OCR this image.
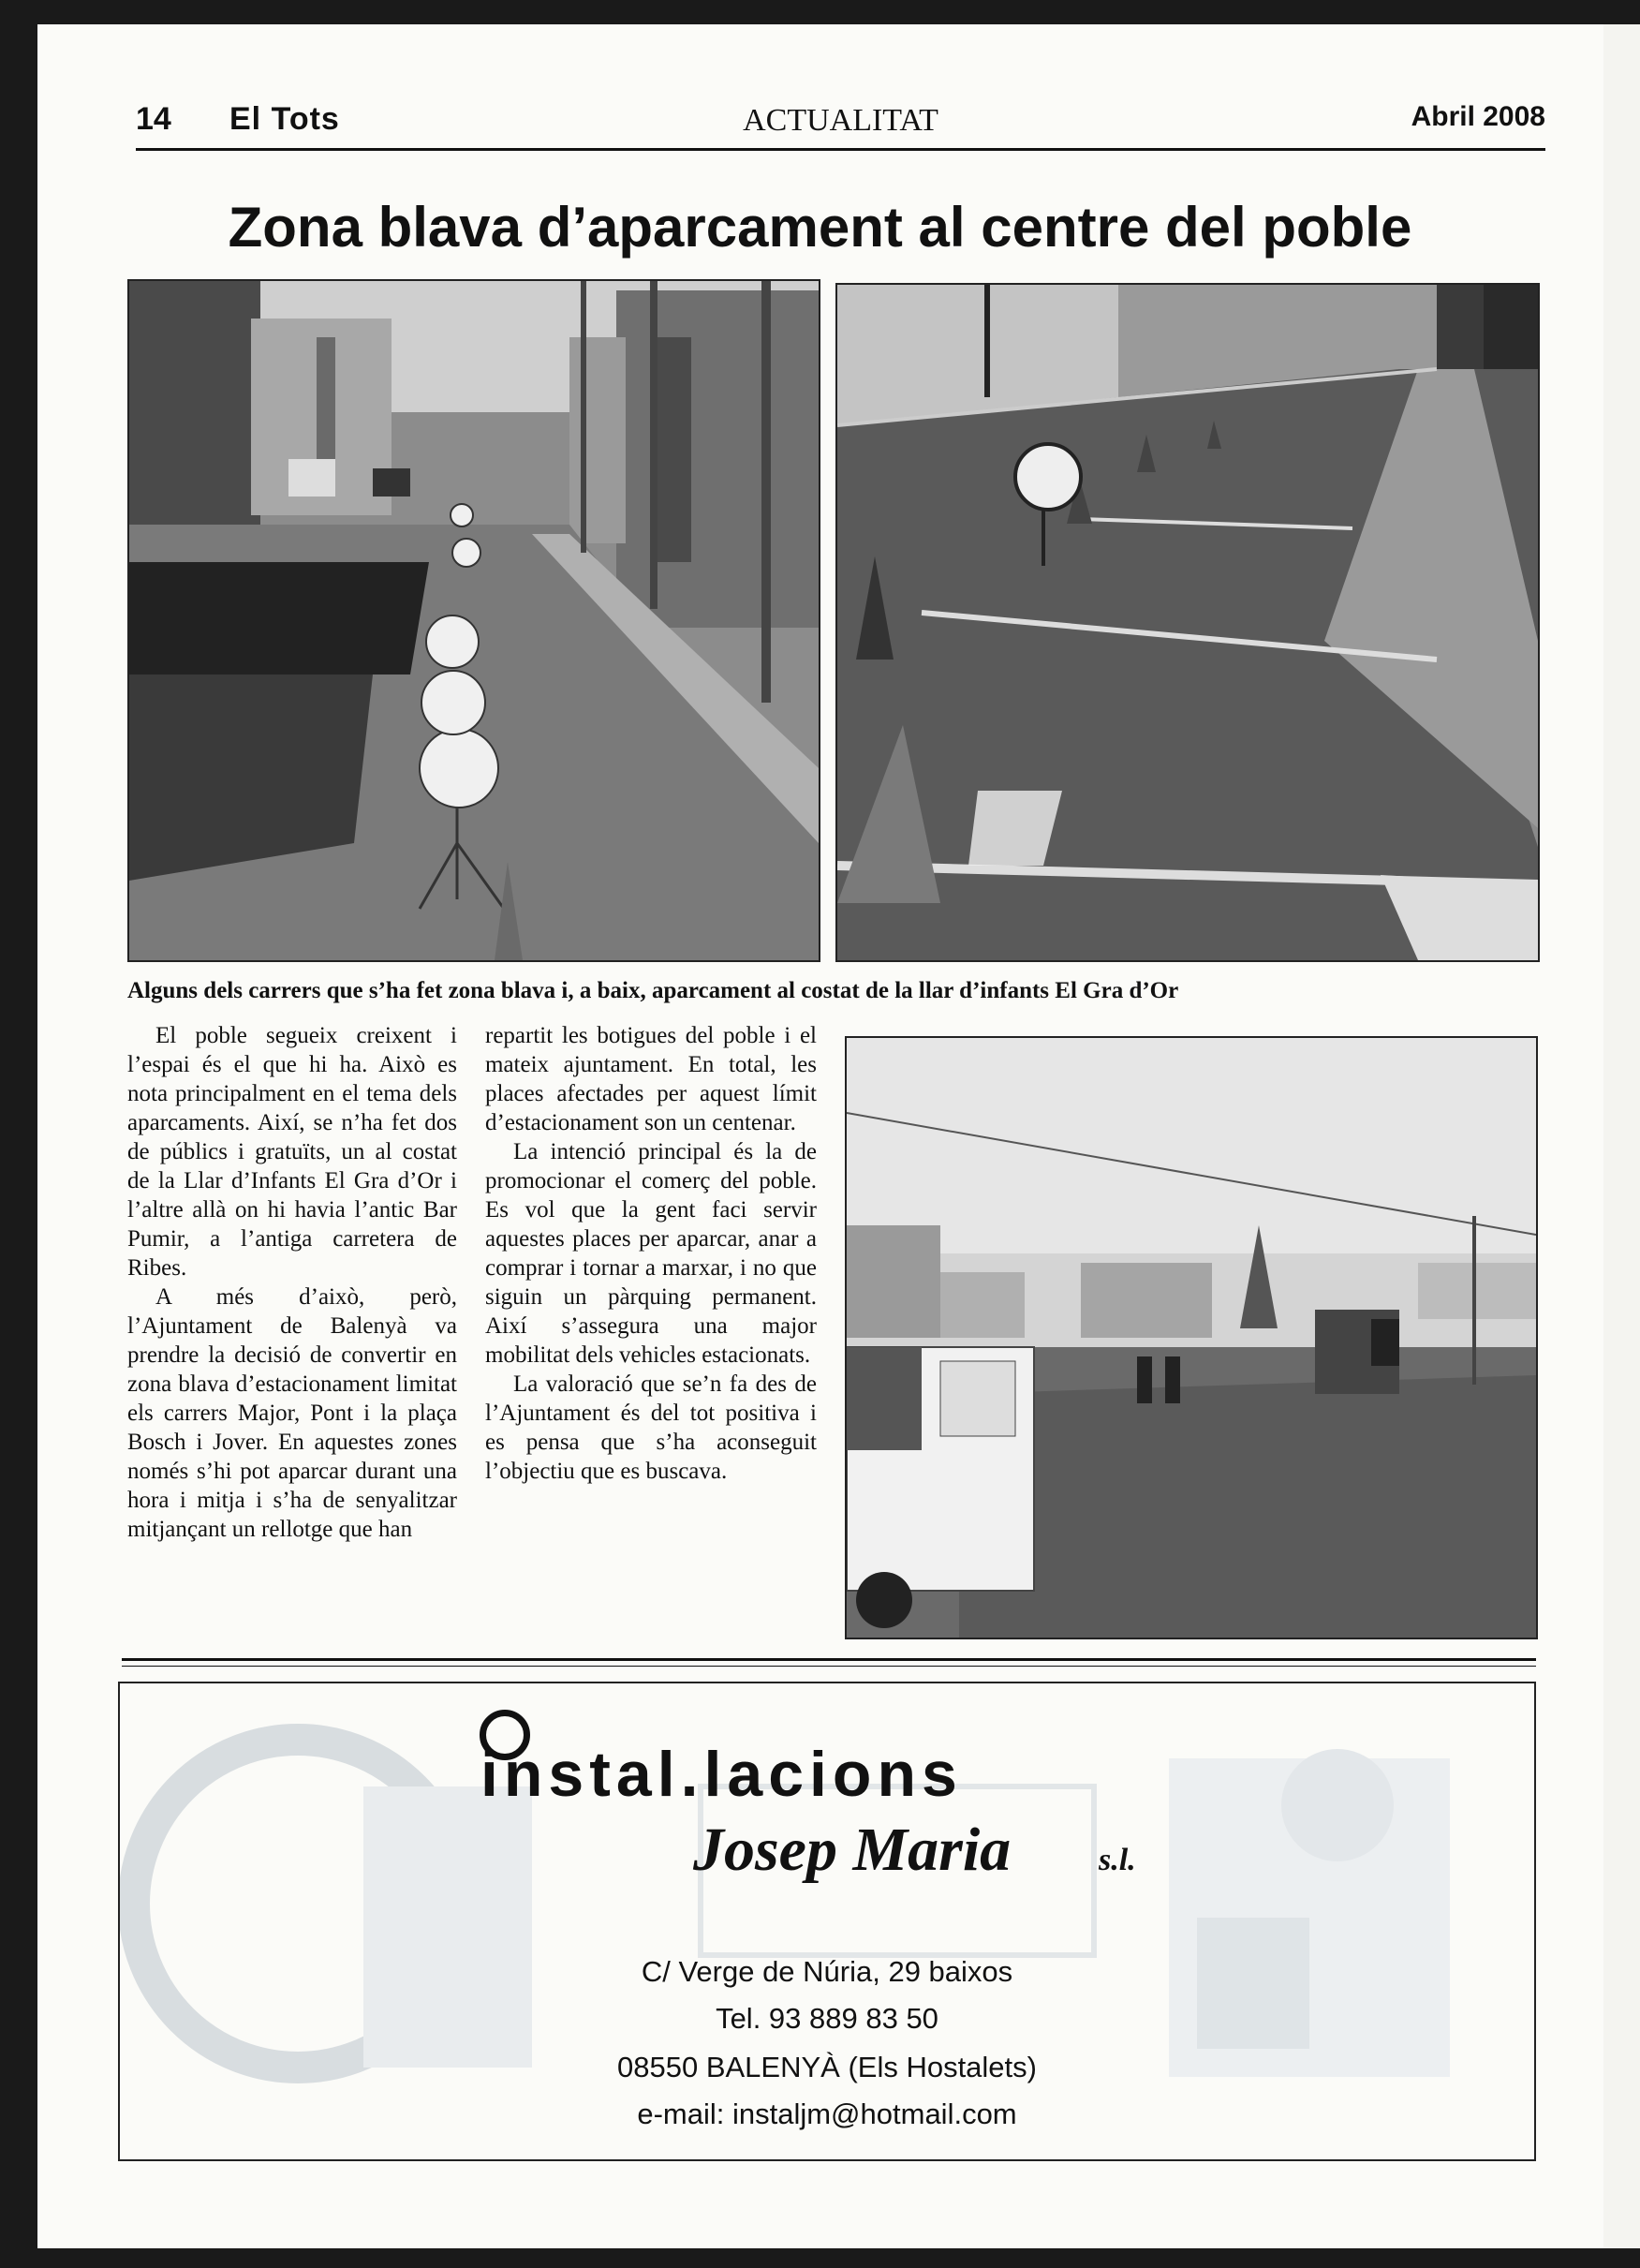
14 El Tots	ACTUALITAT	Abril 2008
Zona blava d’aparcament al centre del poble
Alguns dels carrers que s’ha fet zona blava i, a baix, aparcament al costat de la llar d’infants El Gra d’Or

El poble segueix creixent i l’espai és el que hi ha. Això es nota principalment en el tema dels aparcaments. Així, se n’ha fet dos de públics i gratuïts, un al costat de la Llar d’Infants El Gra d’Or i l’altre allà on hi havia l’antic Bar Pumir, a l’antiga carretera de Ribes.

A més d’això, però, l’Ajuntament de Balenyà va prendre la decisió de convertir en zona blava d’estacionament limitat els carrers Major, Pont i la plaça Bosch i Jover. En aquestes zones només s’hi pot aparcar durant una hora i mitja i s’ha de senyalitzar mitjançant un rellotge que han

repartit les botigues del poble i el mateix ajuntament. En total, les places afectades per aquest límit d’estacionament son un centenar.

La intenció principal és la de promocionar el comerç del poble. Es vol que la gent faci servir aquestes places per aparcar, anar a comprar i tornar a marxar, i no que siguin un pàrquing permanent. Així s’assegura una major mobilitat dels vehicles estacionats.

La valoració que se’n fa des de l’Ajuntament és del tot positiva i es pensa que s’ha aconseguit l’objectiu que es buscava.

instal.lacions
Josep Maria	s.l.
C/ Verge de Núria, 29 baixos
Tel. 93 889 83 50
08550 BALENYÀ (Els Hostalets)
e-mail: instaljm@hotmail.com
